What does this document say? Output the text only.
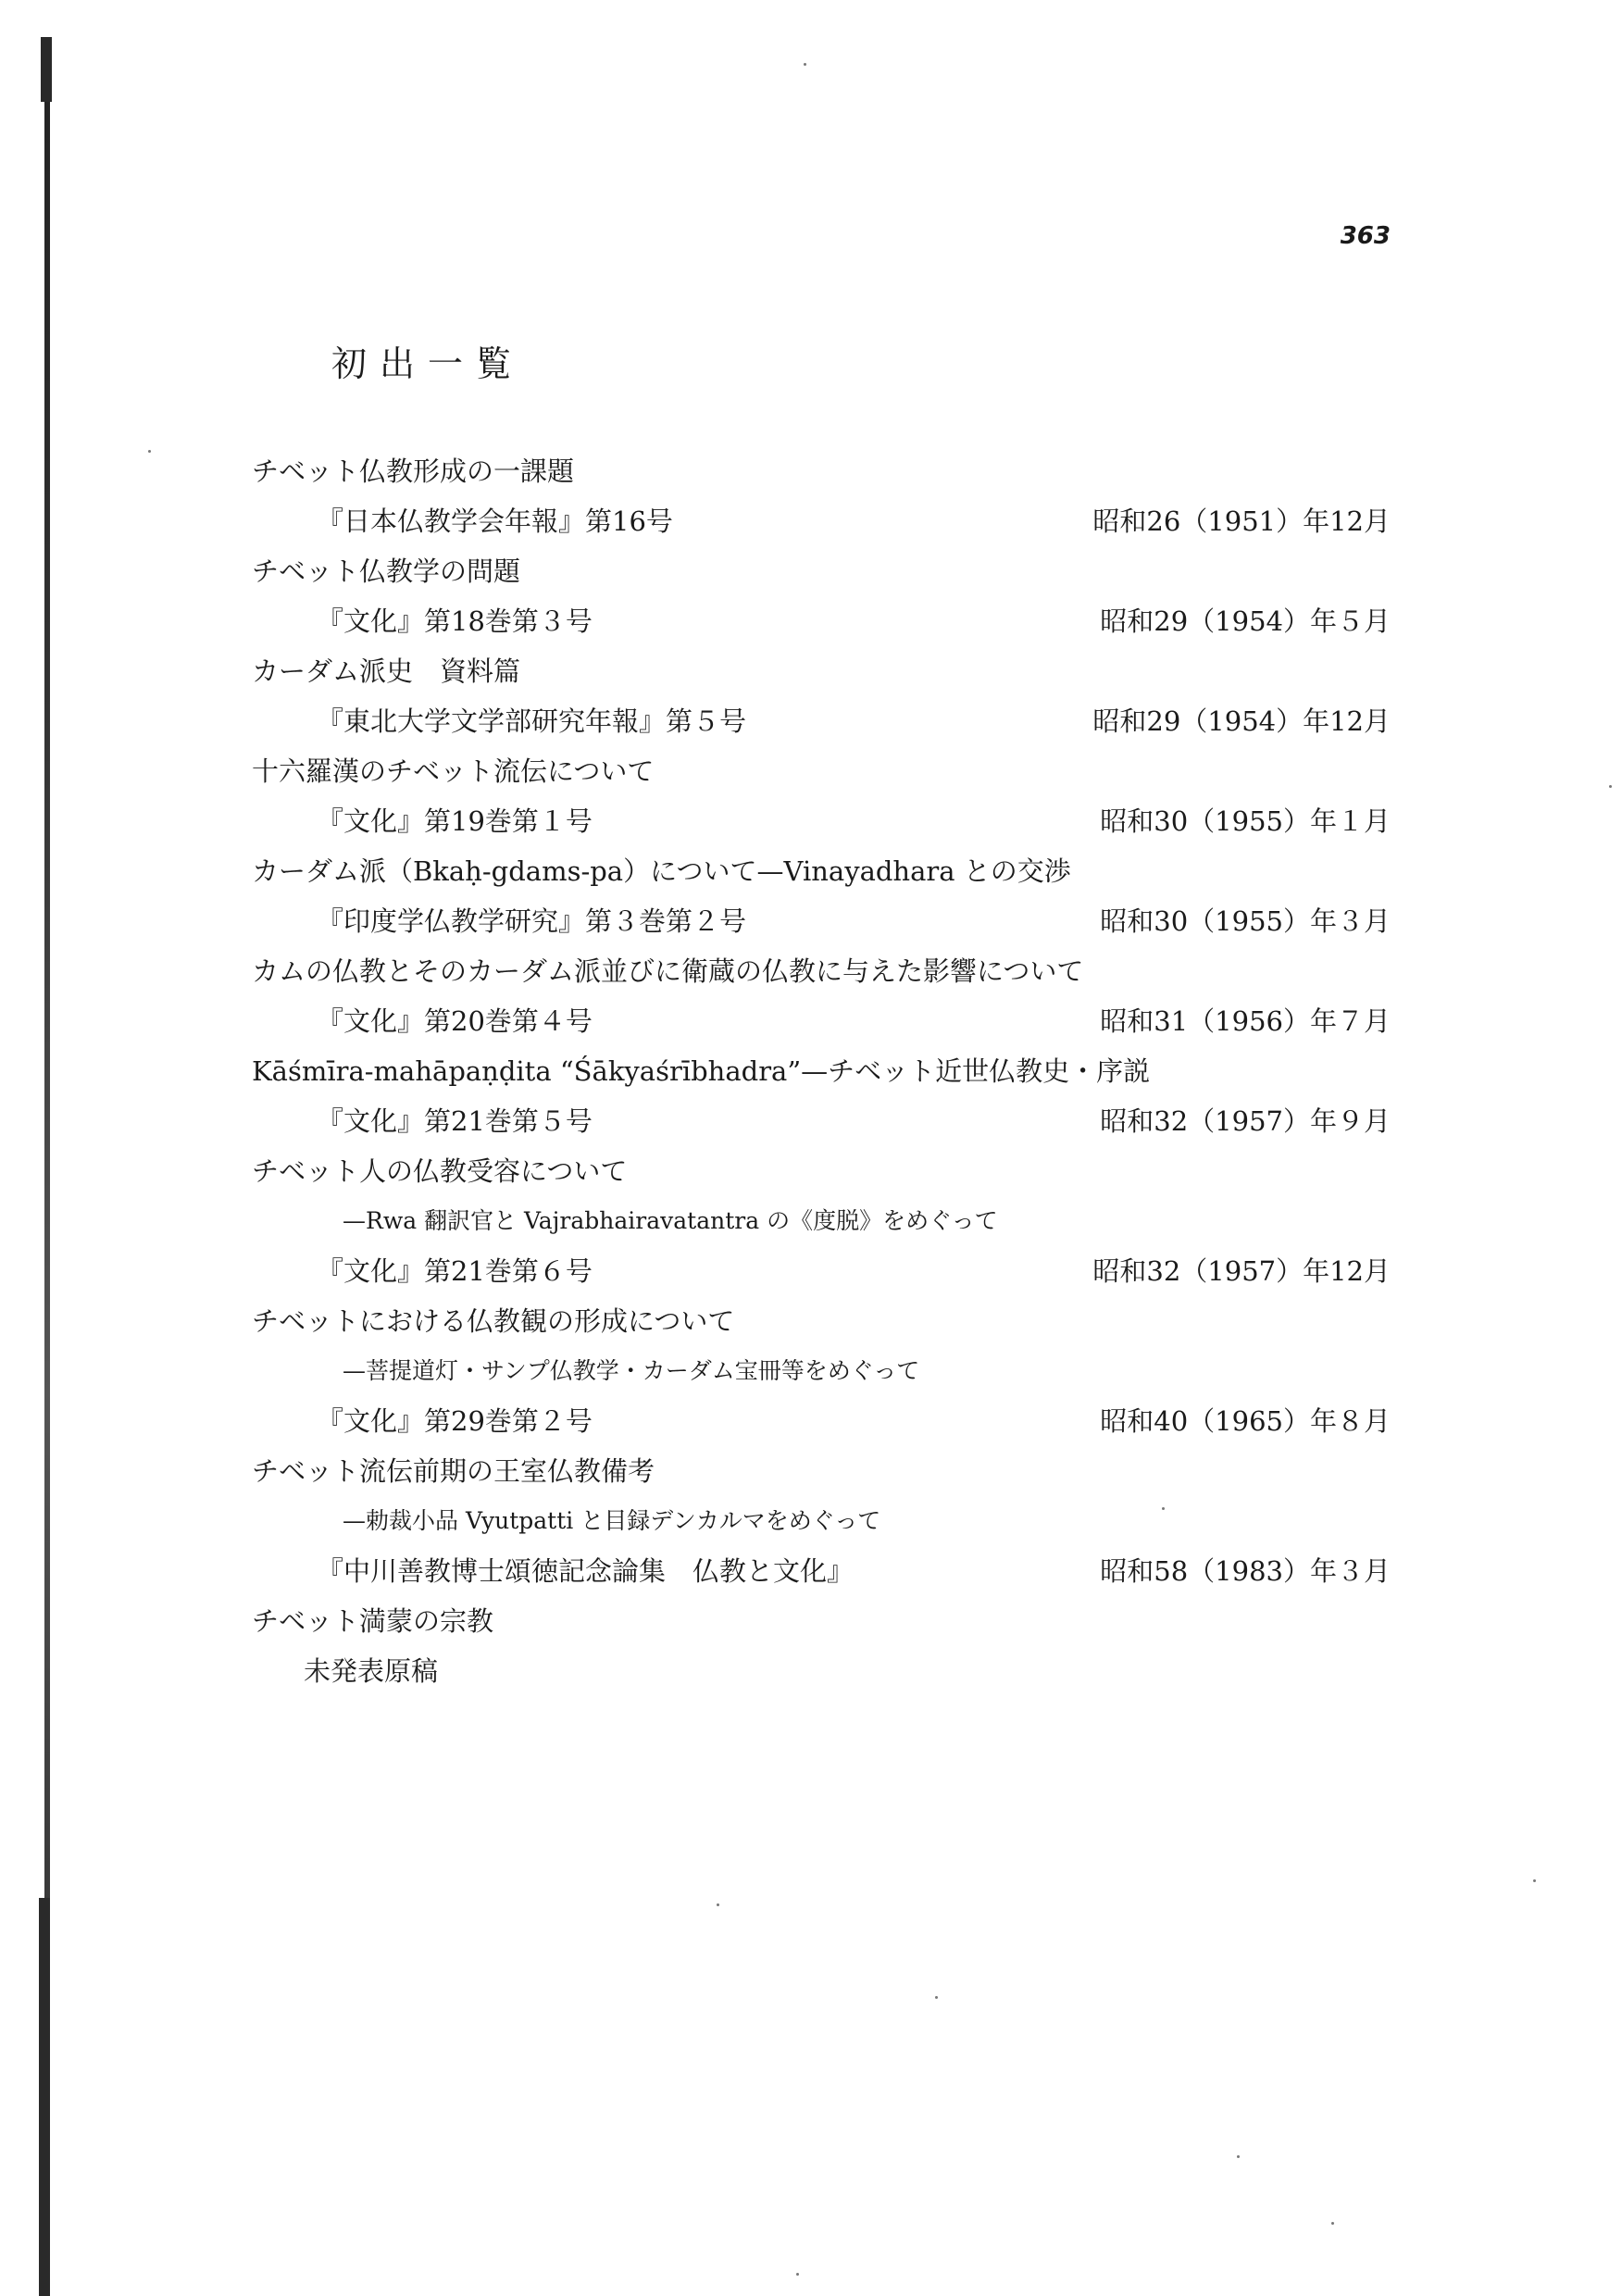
363
初出一覧
チベット仏教形成の一課題
『日本仏教学会年報』第16号	昭和26（1951）年12月
チベット仏教学の問題
『文化』第18巻第３号	昭和29（1954）年５月
カーダム派史　資料篇
『東北大学文学部研究年報』第５号	昭和29（1954）年12月
十六羅漢のチベット流伝について
『文化』第19巻第１号	昭和30（1955）年１月
カーダム派（Bkaḥ-gdams-pa）について—Vinayadhara との交渉
『印度学仏教学研究』第３巻第２号	昭和30（1955）年３月
カムの仏教とそのカーダム派並びに衛蔵の仏教に与えた影響について
『文化』第20巻第４号	昭和31（1956）年７月
Kāśmīra-mahāpaṇḍita “Śākyaśrībhadra”—チベット近世仏教史・序説
『文化』第21巻第５号	昭和32（1957）年９月
チベット人の仏教受容について
—Rwa 翻訳官と Vajrabhairavatantra の《度脱》をめぐって
『文化』第21巻第６号	昭和32（1957）年12月
チベットにおける仏教観の形成について
—菩提道灯・サンプ仏教学・カーダム宝冊等をめぐって
『文化』第29巻第２号	昭和40（1965）年８月
チベット流伝前期の王室仏教備考
—勅裁小品 Vyutpatti と目録デンカルマをめぐって
『中川善教博士頌徳記念論集　仏教と文化』	昭和58（1983）年３月
チベット満蒙の宗教
未発表原稿
